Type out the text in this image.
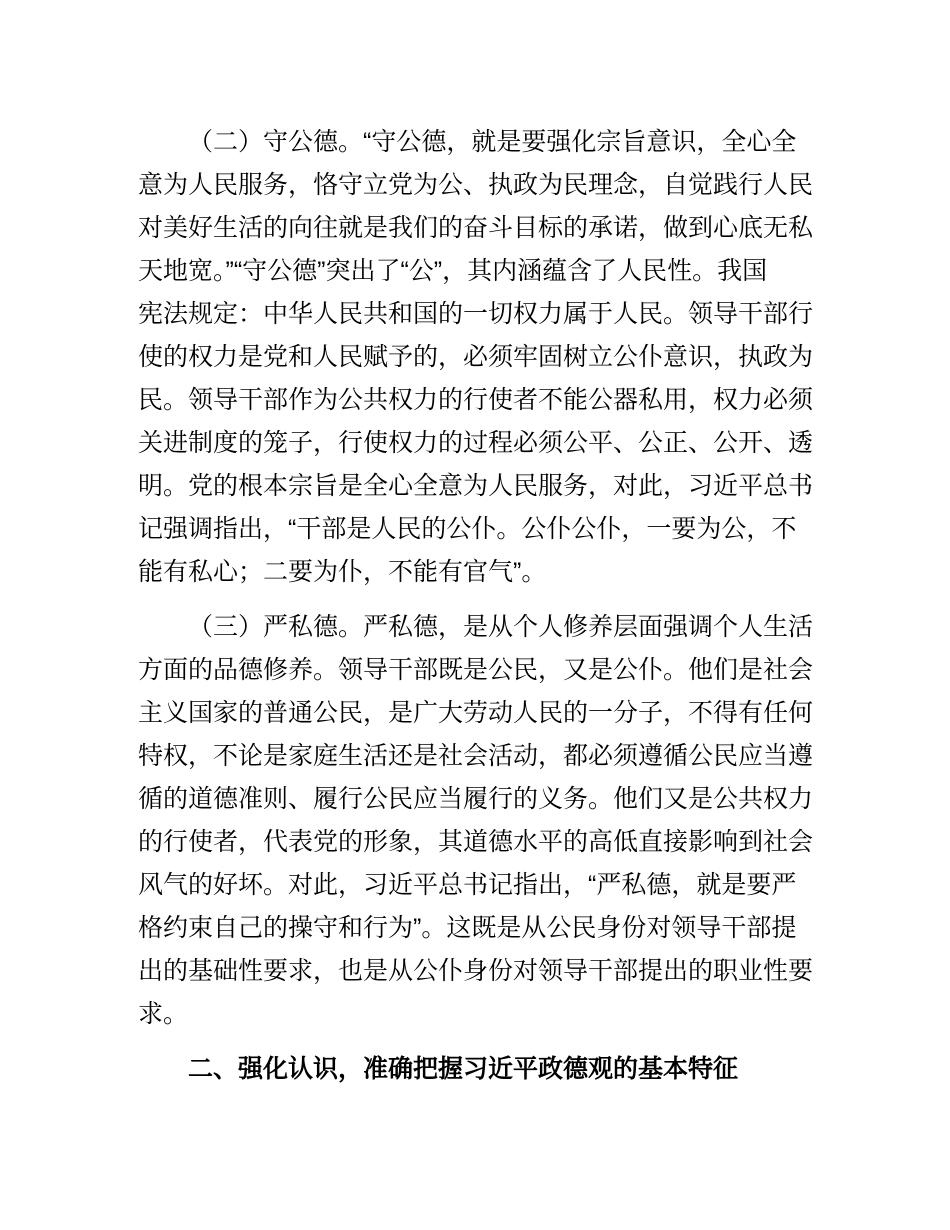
（二）守公德。“守公德，就是要强化宗旨意识，全心全
意为人民服务，恪守立党为公、执政为民理念，自觉践行人民
对美好生活的向往就是我们的奋斗目标的承诺，做到心底无私
天地宽。”“守公德”突出了“公”，其内涵蕴含了人民性。我国
宪法规定：中华人民共和国的一切权力属于人民。领导干部行
使的权力是党和人民赋予的，必须牢固树立公仆意识，执政为
民。领导干部作为公共权力的行使者不能公器私用，权力必须
关进制度的笼子，行使权力的过程必须公平、公正、公开、透
明。党的根本宗旨是全心全意为人民服务，对此，习近平总书
记强调指出，“干部是人民的公仆。公仆公仆，一要为公，不
能有私心；二要为仆，不能有官气”。
（三）严私德。严私德，是从个人修养层面强调个人生活
方面的品德修养。领导干部既是公民，又是公仆。他们是社会
主义国家的普通公民，是广大劳动人民的一分子，不得有任何
特权，不论是家庭生活还是社会活动，都必须遵循公民应当遵
循的道德准则、履行公民应当履行的义务。他们又是公共权力
的行使者，代表党的形象，其道德水平的高低直接影响到社会
风气的好坏。对此，习近平总书记指出，“严私德，就是要严
格约束自己的操守和行为”。这既是从公民身份对领导干部提
出的基础性要求，也是从公仆身份对领导干部提出的职业性要
求。
二、强化认识，准确把握习近平政德观的基本特征
